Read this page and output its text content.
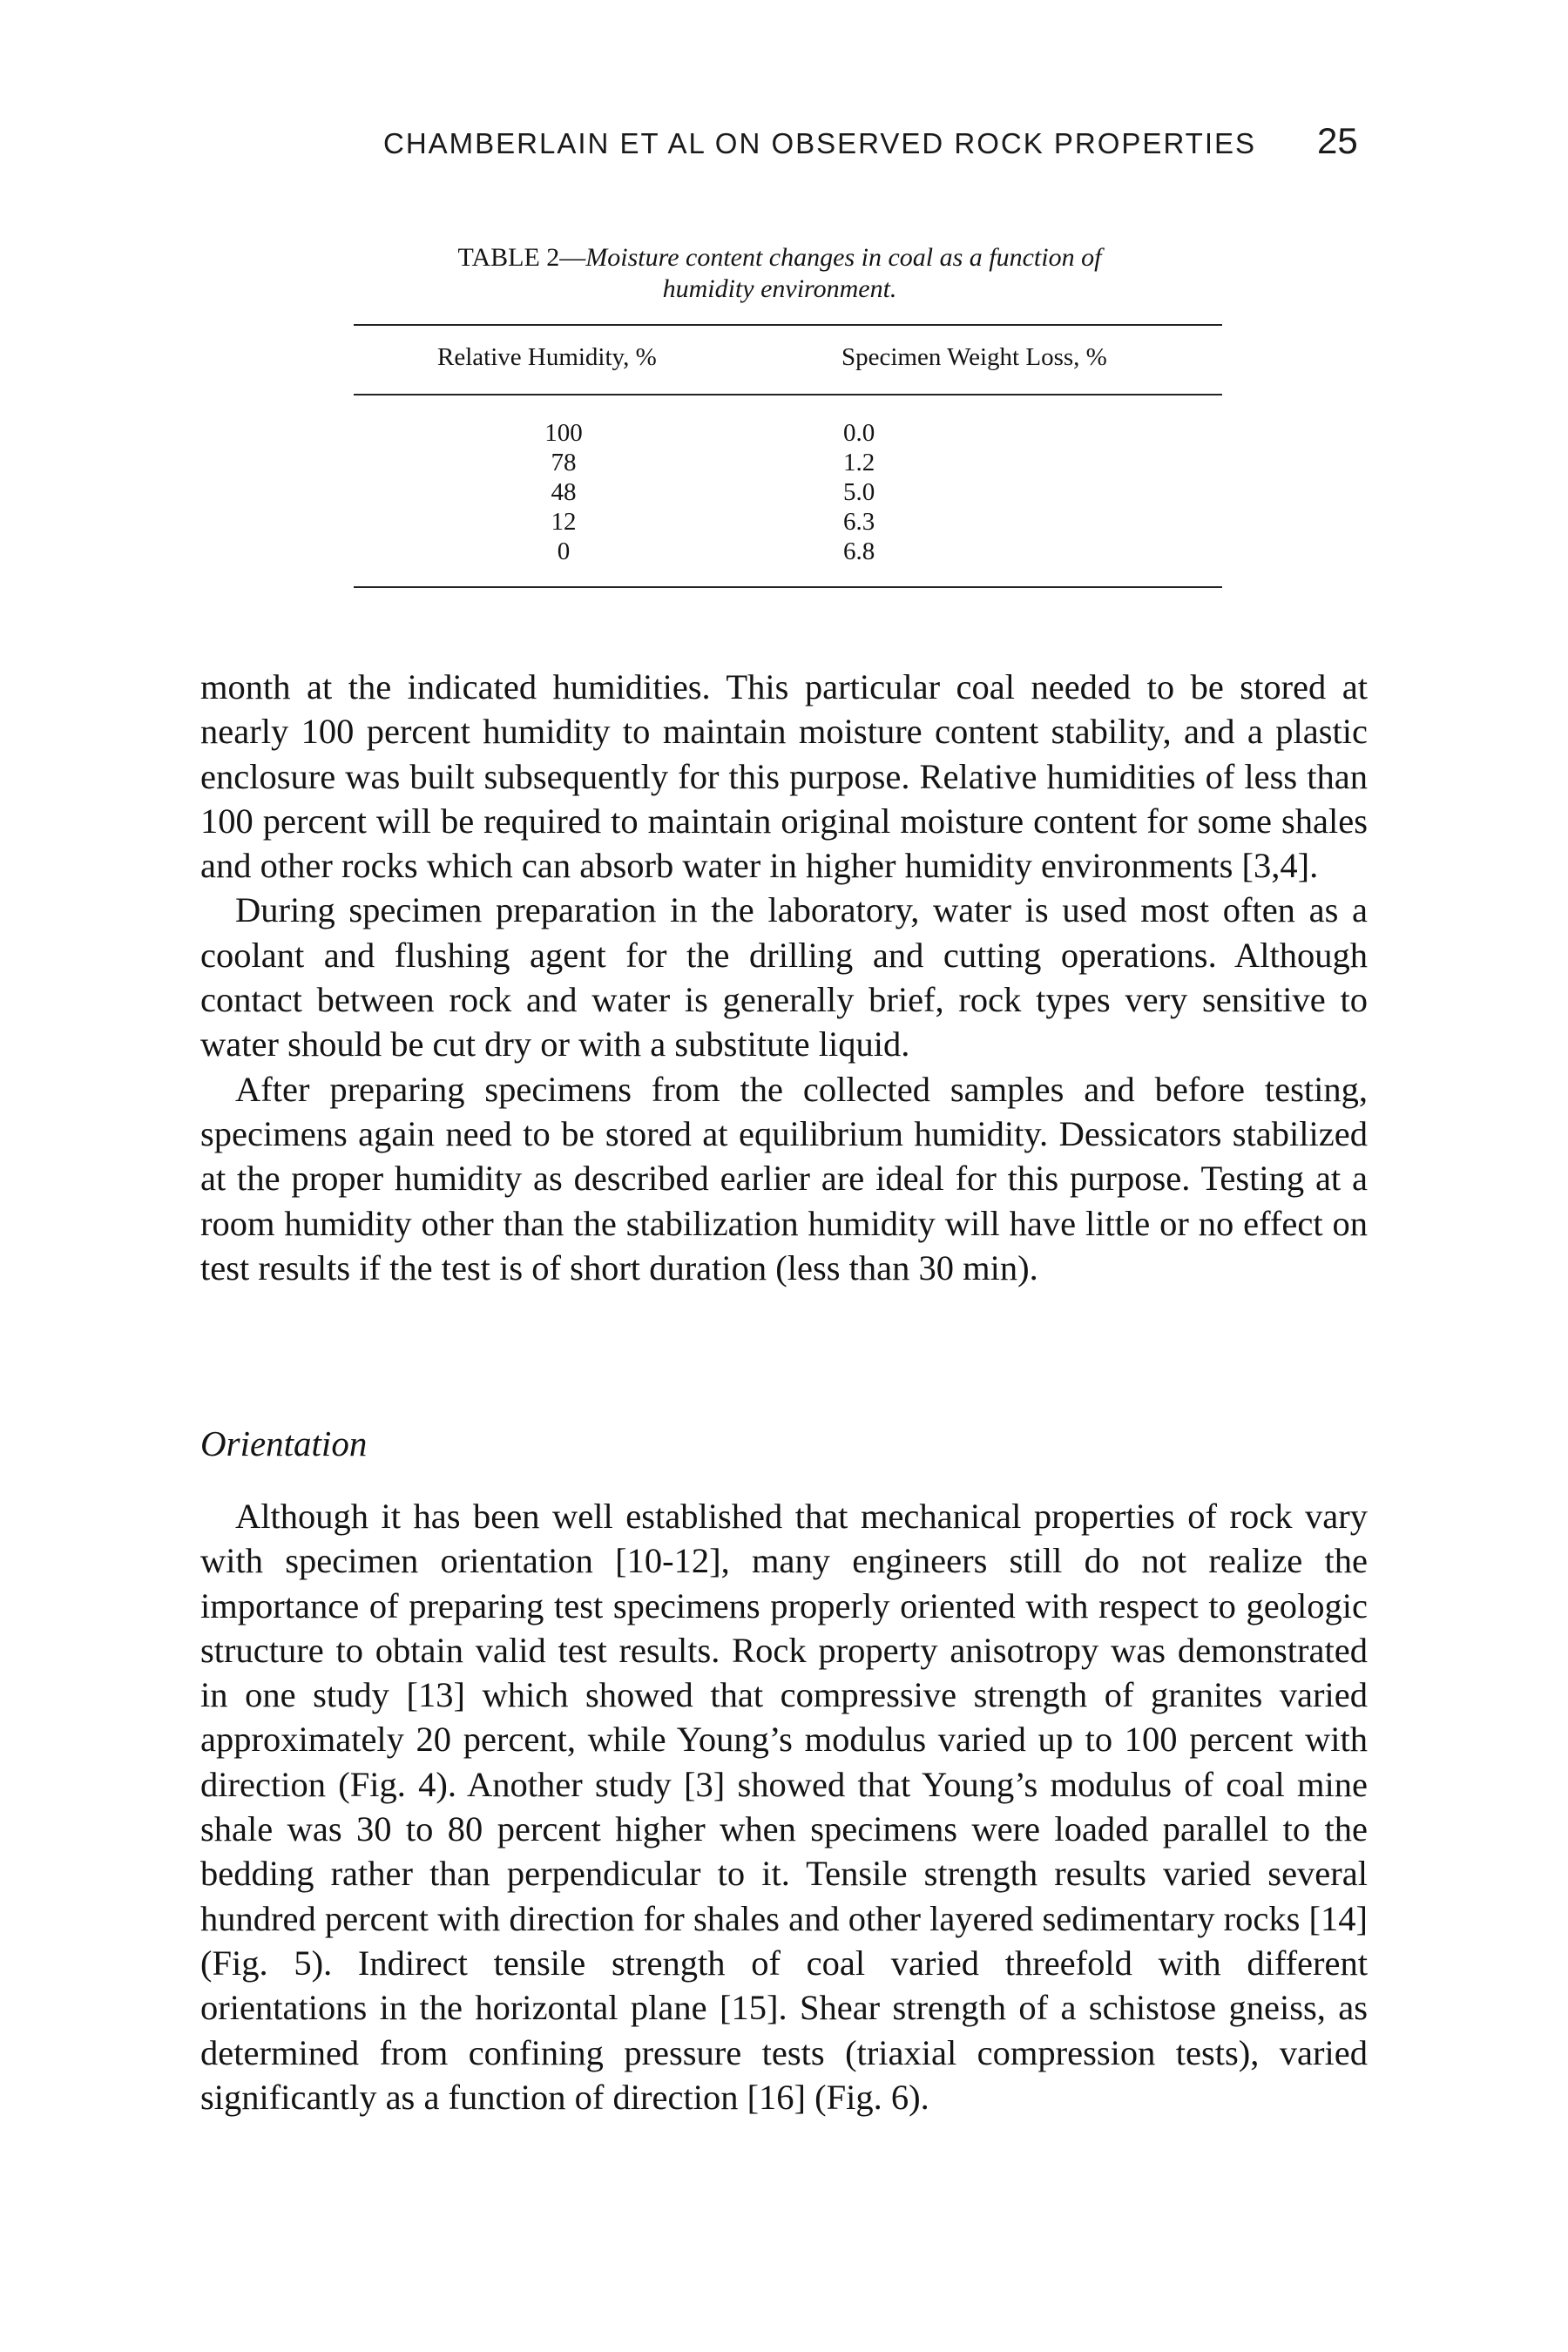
CHAMBERLAIN ET AL ON OBSERVED ROCK PROPERTIES 25
TABLE 2—Moisture content changes in coal as a function of humidity environment.
Relative Humidity, %	Specimen Weight Loss, %
100	0.0
78	1.2
48	5.0
12	6.3
0	6.8

month at the indicated humidities. This particular coal needed to be stored at nearly 100 percent humidity to maintain moisture content stability, and a plastic enclosure was built subsequently for this purpose. Relative humidities of less than 100 percent will be required to maintain original moisture content for some shales and other rocks which can absorb water in higher humidity environments [3,4].

During specimen preparation in the laboratory, water is used most often as a coolant and flushing agent for the drilling and cutting operations. Although contact between rock and water is generally brief, rock types very sensitive to water should be cut dry or with a substitute liquid.

After preparing specimens from the collected samples and before testing, specimens again need to be stored at equilibrium humidity. Dessicators stabilized at the proper humidity as described earlier are ideal for this purpose. Testing at a room humidity other than the stabilization humidity will have little or no effect on test results if the test is of short duration (less than 30 min).

Orientation

Although it has been well established that mechanical properties of rock vary with specimen orientation [10-12], many engineers still do not realize the importance of preparing test specimens properly oriented with respect to geologic structure to obtain valid test results. Rock property anisotropy was demonstrated in one study [13] which showed that compressive strength of granites varied approximately 20 percent, while Young’s modulus varied up to 100 percent with direction (Fig. 4). Another study [3] showed that Young’s modulus of coal mine shale was 30 to 80 percent higher when specimens were loaded parallel to the bedding rather than perpendicular to it. Tensile strength results varied several hundred percent with direction for shales and other layered sedimentary rocks [14] (Fig. 5). Indirect tensile strength of coal varied threefold with different orientations in the horizontal plane [15]. Shear strength of a schistose gneiss, as determined from confining pressure tests (triaxial compression tests), varied significantly as a function of direction [16] (Fig. 6).
